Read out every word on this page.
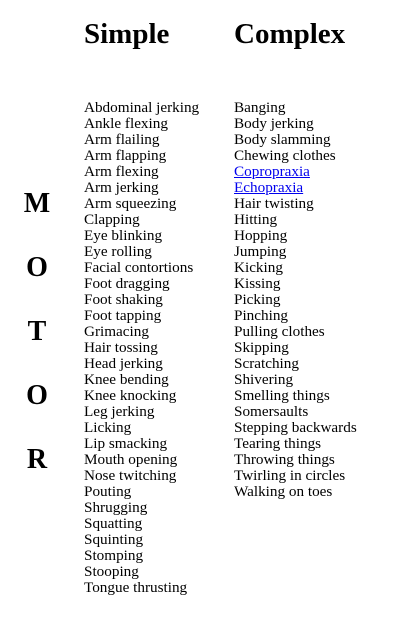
Simple Complex
M
O
T
O
R
Abdominal jerking
Ankle flexing
Arm flailing
Arm flapping
Arm flexing
Arm jerking
Arm squeezing
Clapping
Eye blinking
Eye rolling
Facial contortions
Foot dragging
Foot shaking
Foot tapping
Grimacing
Hair tossing
Head jerking
Knee bending
Knee knocking
Leg jerking
Licking
Lip smacking
Mouth opening
Nose twitching
Pouting
Shrugging
Squatting
Squinting
Stomping
Stooping
Tongue thrusting
Banging
Body jerking
Body slamming
Chewing clothes
Copropraxia
Echopraxia
Hair twisting
Hitting
Hopping
Jumping
Kicking
Kissing
Picking
Pinching
Pulling clothes
Skipping
Scratching
Shivering
Smelling things
Somersaults
Stepping backwards
Tearing things
Throwing things
Twirling in circles
Walking on toes
